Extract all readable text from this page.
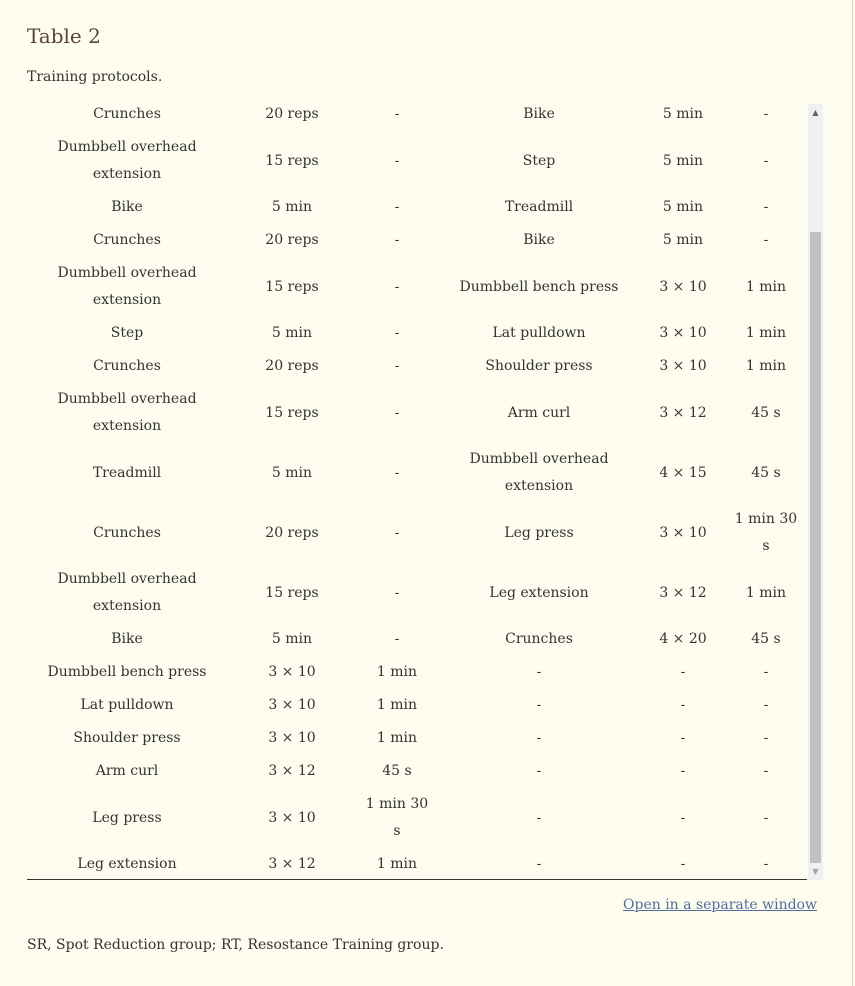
Table 2

Training protocols.

Crunches	20 reps	-	Bike	5 min	-
Dumbbell overhead extension	15 reps	-	Step	5 min	-
Bike	5 min	-	Treadmill	5 min	-
Crunches	20 reps	-	Bike	5 min	-
Dumbbell overhead extension	15 reps	-	Dumbbell bench press	3 × 10	1 min
Step	5 min	-	Lat pulldown	3 × 10	1 min
Crunches	20 reps	-	Shoulder press	3 × 10	1 min
Dumbbell overhead extension	15 reps	-	Arm curl	3 × 12	45 s
Treadmill	5 min	-	Dumbbell overhead extension	4 × 15	45 s
Crunches	20 reps	-	Leg press	3 × 10	1 min 30 s
Dumbbell overhead extension	15 reps	-	Leg extension	3 × 12	1 min
Bike	5 min	-	Crunches	4 × 20	45 s
Dumbbell bench press	3 × 10	1 min	-	-	-
Lat pulldown	3 × 10	1 min	-	-	-
Shoulder press	3 × 10	1 min	-	-	-
Arm curl	3 × 12	45 s	-	-	-
Leg press	3 × 10	1 min 30 s	-	-	-
Leg extension	3 × 12	1 min	-	-	-
▲
▼
Open in a separate window

SR, Spot Reduction group; RT, Resostance Training group.
